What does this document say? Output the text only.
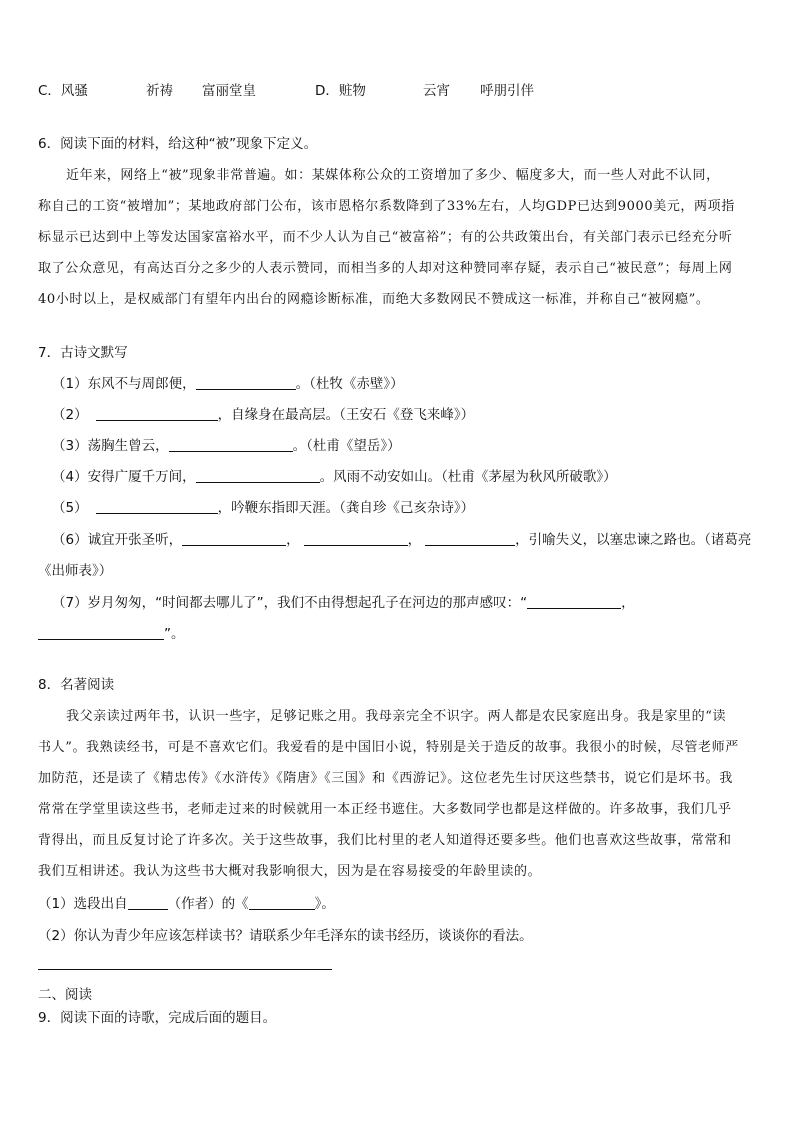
C．风骚	祈祷 富丽堂皇	D．赃物	云宵 呼朋引伴
6．阅读下面的材料，给这种“被”现象下定义。
近年来，网络上“被”现象非常普遍。如：某媒体称公众的工资增加了多少、幅度多大，而一些人对此不认同，
称自己的工资“被增加”；某地政府部门公布，该市恩格尔系数降到了33%左右，人均GDP已达到9000美元，两项指
标显示已达到中上等发达国家富裕水平，而不少人认为自己“被富裕”；有的公共政策出台，有关部门表示已经充分听
取了公众意见，有高达百分之多少的人表示赞同，而相当多的人却对这种赞同率存疑，表示自己“被民意”；每周上网
40小时以上，是权威部门有望年内出台的网瘾诊断标准，而绝大多数网民不赞成这一标准，并称自己“被网瘾”。
7．古诗文默写
（1）东风不与周郎便，	。（杜牧《赤壁》）
（2）	，自缘身在最高层。（王安石《登飞来峰》）
（3）荡胸生曾云，	。（杜甫《望岳》）
（4）安得广厦千万间，	。风雨不动安如山。（杜甫《茅屋为秋风所破歌》）
（5）	，吟鞭东指即天涯。（龚自珍《己亥杂诗》）
（6）诚宜开张圣听，	，	，	，引喻失义，以塞忠谏之路也。（诸葛亮
《出师表》）
（7）岁月匆匆，“时间都去哪儿了”，我们不由得想起孔子在河边的那声感叹：“	，
”。
8．名著阅读
我父亲读过两年书，认识一些字，足够记账之用。我母亲完全不识字。两人都是农民家庭出身。我是家里的“读
书人”。我熟读经书，可是不喜欢它们。我爱看的是中国旧小说，特别是关于造反的故事。我很小的时候，尽管老师严
加防范，还是读了《精忠传》《水浒传》《隋唐》《三国》和《西游记》。这位老先生讨厌这些禁书，说它们是坏书。我
常常在学堂里读这些书，老师走过来的时候就用一本正经书遮住。大多数同学也都是这样做的。许多故事，我们几乎
背得出，而且反复讨论了许多次。关于这些故事，我们比村里的老人知道得还要多些。他们也喜欢这些故事，常常和
我们互相讲述。我认为这些书大概对我影响很大，因为是在容易接受的年龄里读的。
（1）选段出自	（作者）的《	》。
（2）你认为青少年应该怎样读书？请联系少年毛泽东的读书经历，谈谈你的看法。
二、阅读
9．阅读下面的诗歌，完成后面的题目。
